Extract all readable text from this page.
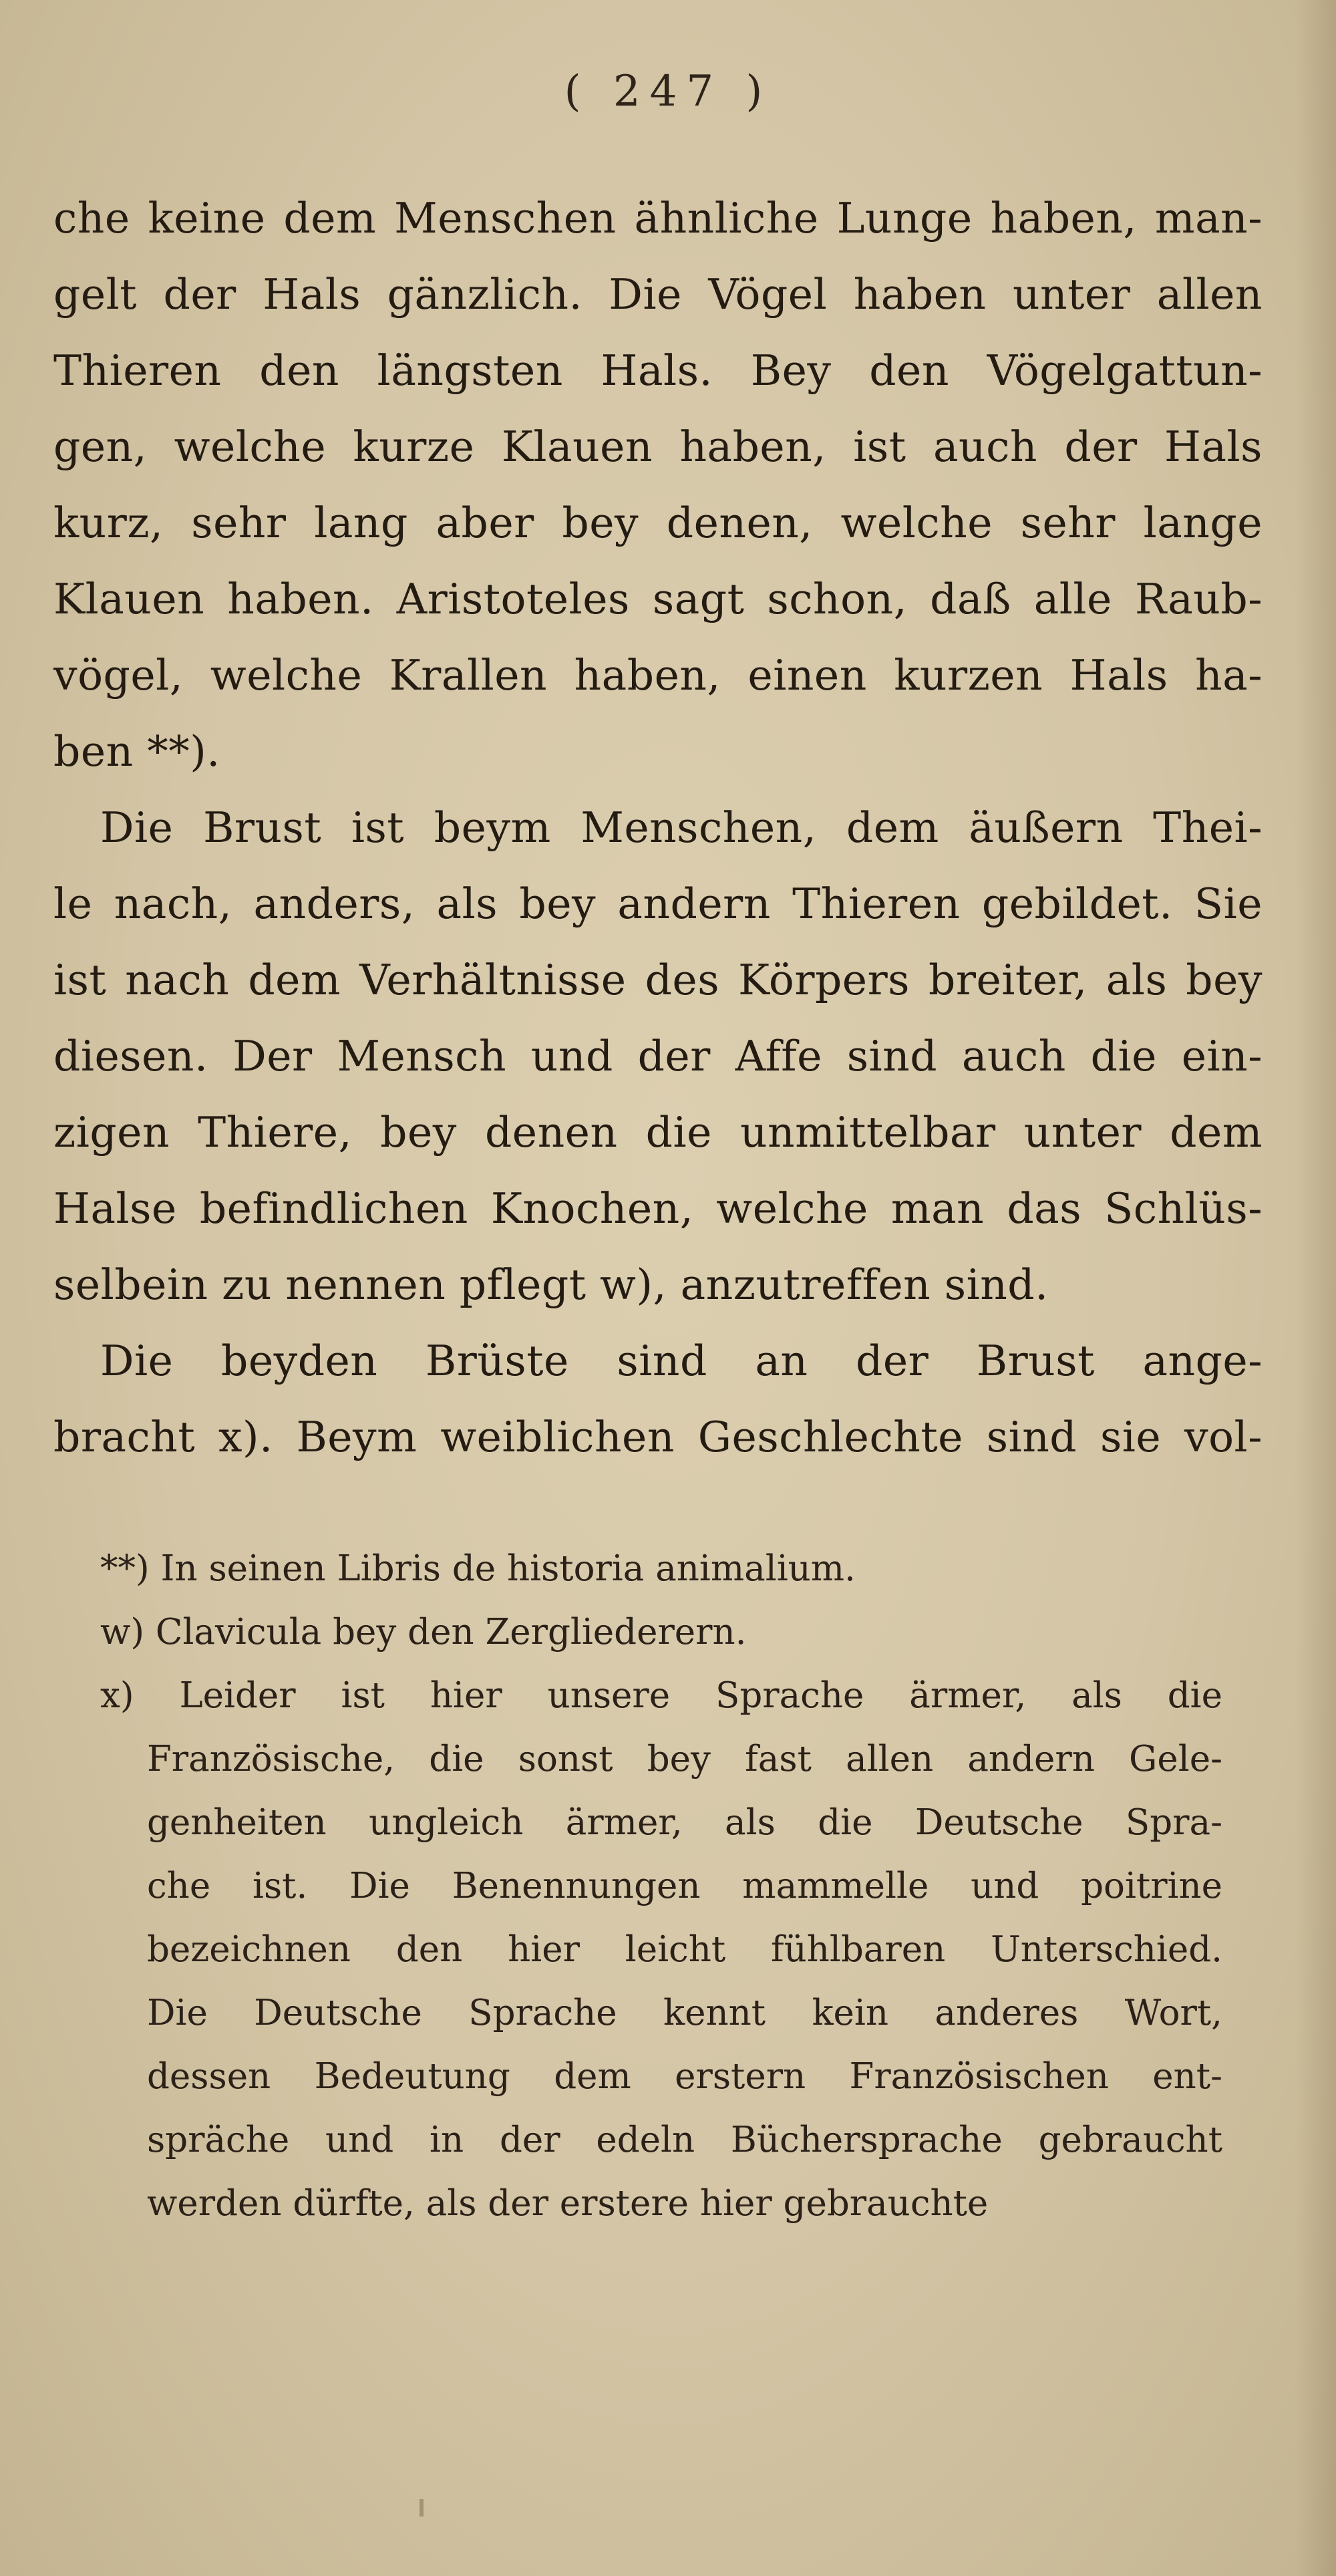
( 247 )
che keine dem Menschen ähnliche Lunge haben, man-
gelt der Hals gänzlich. Die Vögel haben unter allen
Thieren den längsten Hals. Bey den Vögelgattun-
gen, welche kurze Klauen haben, ist auch der Hals
kurz, sehr lang aber bey denen, welche sehr lange
Klauen haben. Aristoteles sagt schon, daß alle Raub-
vögel, welche Krallen haben, einen kurzen Hals ha-
ben **).
Die Brust ist beym Menschen, dem äußern Thei-
le nach, anders, als bey andern Thieren gebildet. Sie
ist nach dem Verhältnisse des Körpers breiter, als bey
diesen. Der Mensch und der Affe sind auch die ein-
zigen Thiere, bey denen die unmittelbar unter dem
Halse befindlichen Knochen, welche man das Schlüs-
selbein zu nennen pflegt w), anzutreffen sind.
Die beyden Brüste sind an der Brust ange-
bracht x). Beym weiblichen Geschlechte sind sie vol-
**) In seinen Libris de historia animalium.
w) Clavicula bey den Zergliederern.
x) Leider ist hier unsere Sprache ärmer, als die
Französische, die sonst bey fast allen andern Gele-
genheiten ungleich ärmer, als die Deutsche Spra-
che ist. Die Benennungen mammelle und poitrine
bezeichnen den hier leicht fühlbaren Unterschied.
Die Deutsche Sprache kennt kein anderes Wort,
dessen Bedeutung dem erstern Französischen ent-
spräche und in der edeln Büchersprache gebraucht
werden dürfte, als der erstere hier gebrauchte
